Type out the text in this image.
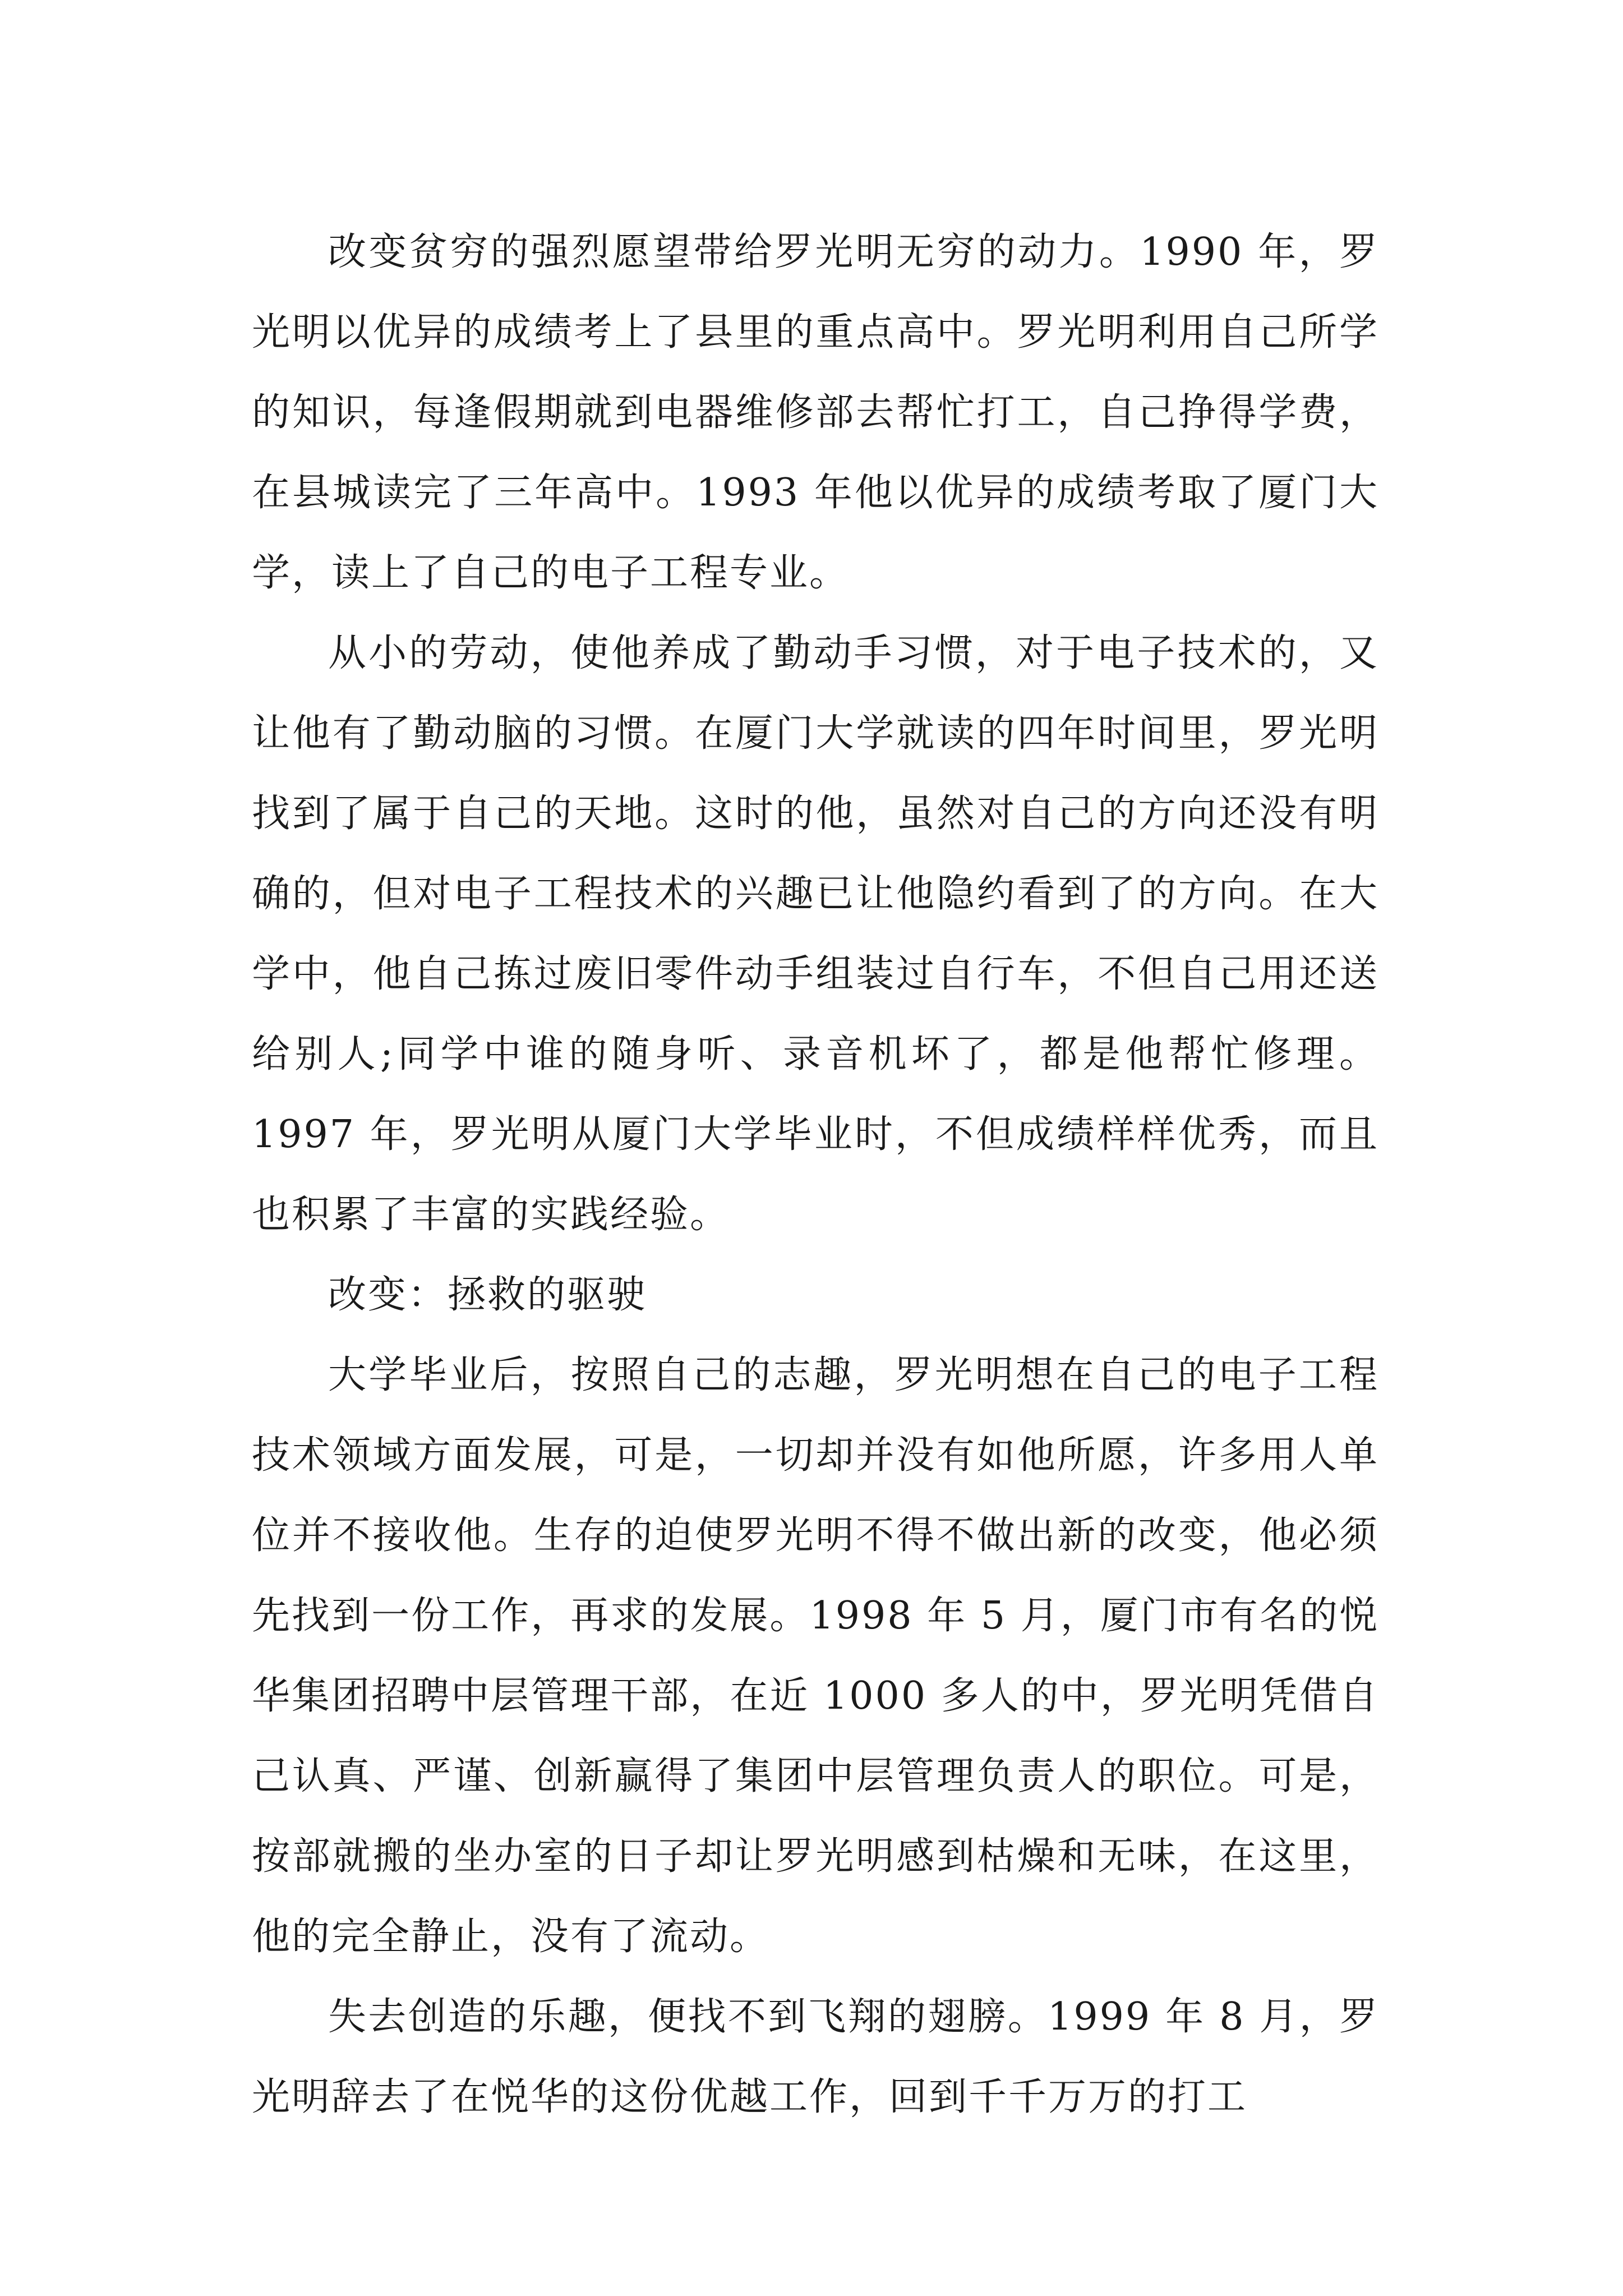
改变贫穷的强烈愿望带给罗光明无穷的动力。1990 年，罗光明以优异的成绩考上了县里的重点高中。罗光明利用自己所学的知识，每逢假期就到电器维修部去帮忙打工，自己挣得学费，在县城读完了三年高中。1993 年他以优异的成绩考取了厦门大学，读上了自己的电子工程专业。

从小的劳动，使他养成了勤动手习惯，对于电子技术的，又让他有了勤动脑的习惯。在厦门大学就读的四年时间里，罗光明找到了属于自己的天地。这时的他，虽然对自己的方向还没有明确的，但对电子工程技术的兴趣已让他隐约看到了的方向。在大学中，他自己拣过废旧零件动手组装过自行车，不但自己用还送给别人;同学中谁的随身听、录音机坏了，都是他帮忙修理。1997 年，罗光明从厦门大学毕业时，不但成绩样样优秀，而且也积累了丰富的实践经验。

改变：拯救的驱驶

大学毕业后，按照自己的志趣，罗光明想在自己的电子工程技术领域方面发展，可是，一切却并没有如他所愿，许多用人单位并不接收他。生存的迫使罗光明不得不做出新的改变，他必须先找到一份工作，再求的发展。1998 年 5 月，厦门市有名的悦华集团招聘中层管理干部，在近 1000 多人的中，罗光明凭借自己认真、严谨、创新赢得了集团中层管理负责人的职位。可是，按部就搬的坐办室的日子却让罗光明感到枯燥和无味，在这里，他的完全静止，没有了流动。

失去创造的乐趣，便找不到飞翔的翅膀。1999 年 8 月，罗光明辞去了在悦华的这份优越工作，回到千千万万的打工
